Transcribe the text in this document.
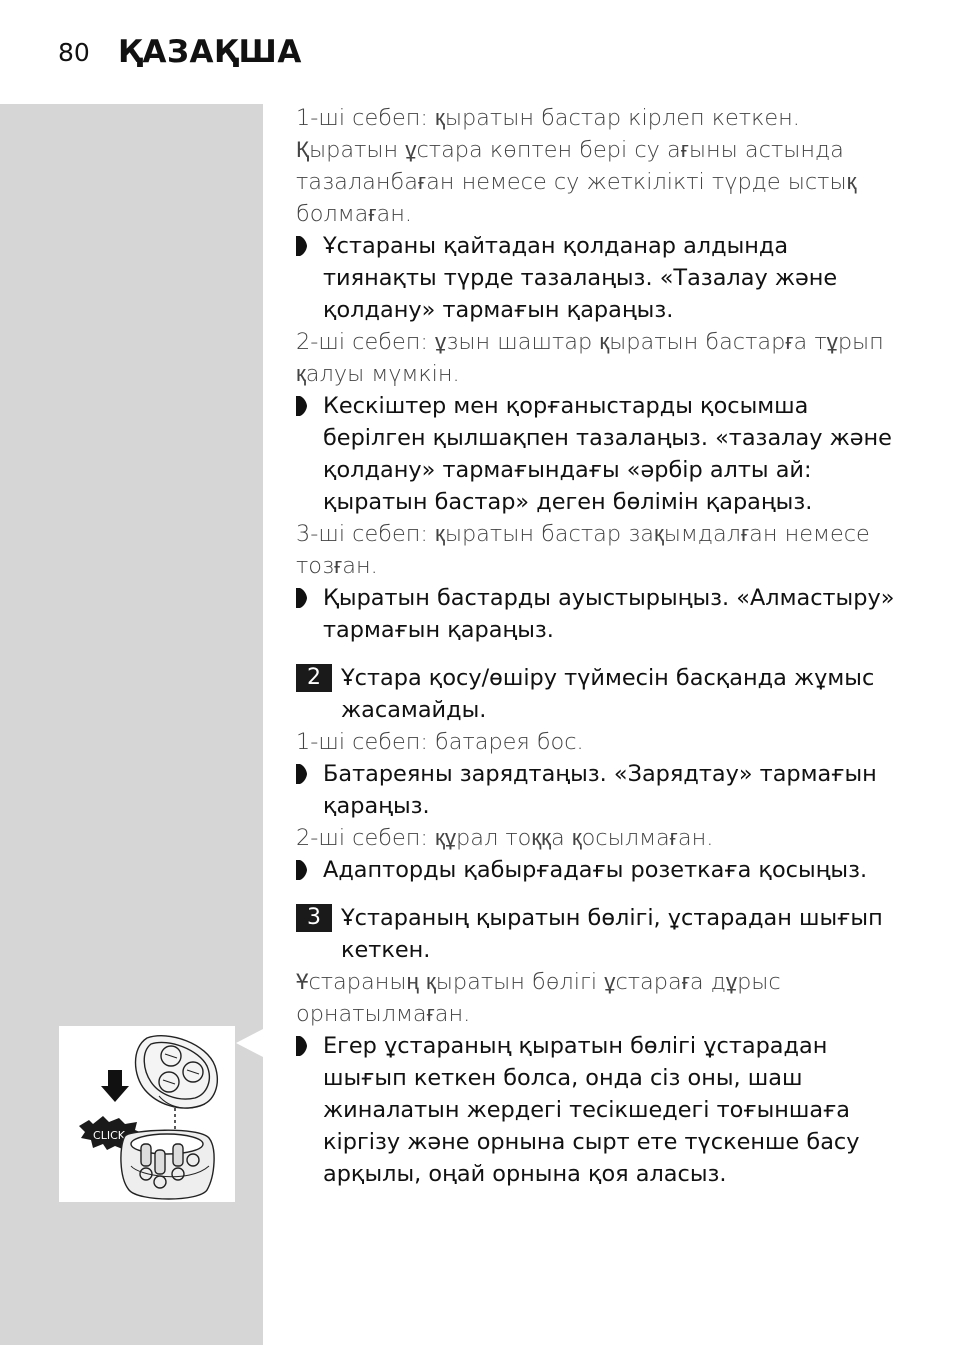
80 ҚАЗАҚША
CLICK

1-ші себеп: қыратын бастар кірлеп кеткен. Қыратын ұстара көптен бері су ағыны астында тазаланбаған немесе су жеткілікті түрде ыстық болмаған.

Ұстараны қайтадан қолданар алдында тиянақты түрде тазалаңыз. «Тазалау және қолдану» тармағын қараңыз.

2-ші себеп: ұзын шаштар қыратын бастарға тұрып қалуы мүмкін.

Кескіштер мен қорғаныстарды қосымша берілген қылшақпен тазалаңыз. «тазалау және қолдану» тармағындағы «әрбір алты ай: қыратын бастар» деген бөлімін қараңыз.

3-ші себеп: қыратын бастар зақымдалған немесе тозған.

Қыратын бастарды ауыстырыңыз. «Алмастыру» тармағын қараңыз.

2 Ұстара қосу/өшіру түймесін басқанда жұмыс жасамайды.

1-ші себеп: батарея бос.

Батареяны зарядтаңыз. «Зарядтау» тармағын қараңыз.

2-ші себеп: құрал тоққа қосылмаған.

Адапторды қабырғадағы розеткаға қосыңыз.

3 Ұстараның қыратын бөлігі, ұстарадан шығып кеткен.

Ұстараның қыратын бөлігі ұстараға дұрыс орнатылмаған.

Егер ұстараның қыратын бөлігі ұстарадан шығып кеткен болса, онда сіз оны, шаш жиналатын жердегі тесікшедегі тоғыншаға кіргізу және орнына сырт ете түскенше басу арқылы, оңай орнына қоя аласыз.
